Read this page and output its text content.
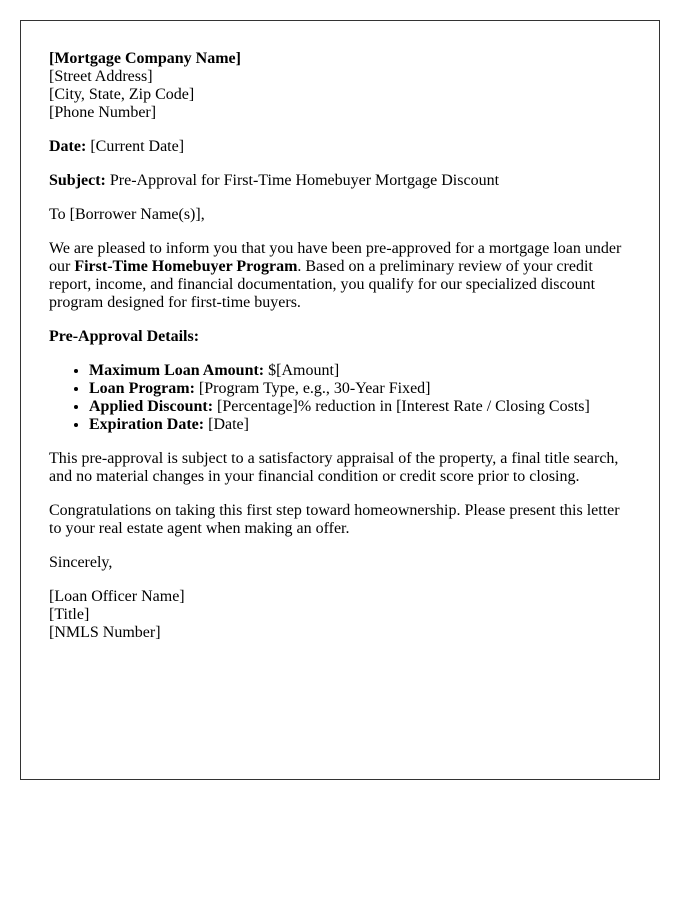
[Mortgage Company Name]
[Street Address]
[City, State, Zip Code]
[Phone Number]

Date: [Current Date]

Subject: Pre-Approval for First-Time Homebuyer Mortgage Discount

To [Borrower Name(s)],

We are pleased to inform you that you have been pre-approved for a mortgage loan under our First-Time Homebuyer Program. Based on a preliminary review of your credit report, income, and financial documentation, you qualify for our specialized discount program designed for first-time buyers.

Pre-Approval Details:

• Maximum Loan Amount: $[Amount]
• Loan Program: [Program Type, e.g., 30-Year Fixed]
• Applied Discount: [Percentage]% reduction in [Interest Rate / Closing Costs]
• Expiration Date: [Date]

This pre-approval is subject to a satisfactory appraisal of the property, a final title search, and no material changes in your financial condition or credit score prior to closing.

Congratulations on taking this first step toward homeownership. Please present this letter to your real estate agent when making an offer.

Sincerely,

[Loan Officer Name]
[Title]
[NMLS Number]
